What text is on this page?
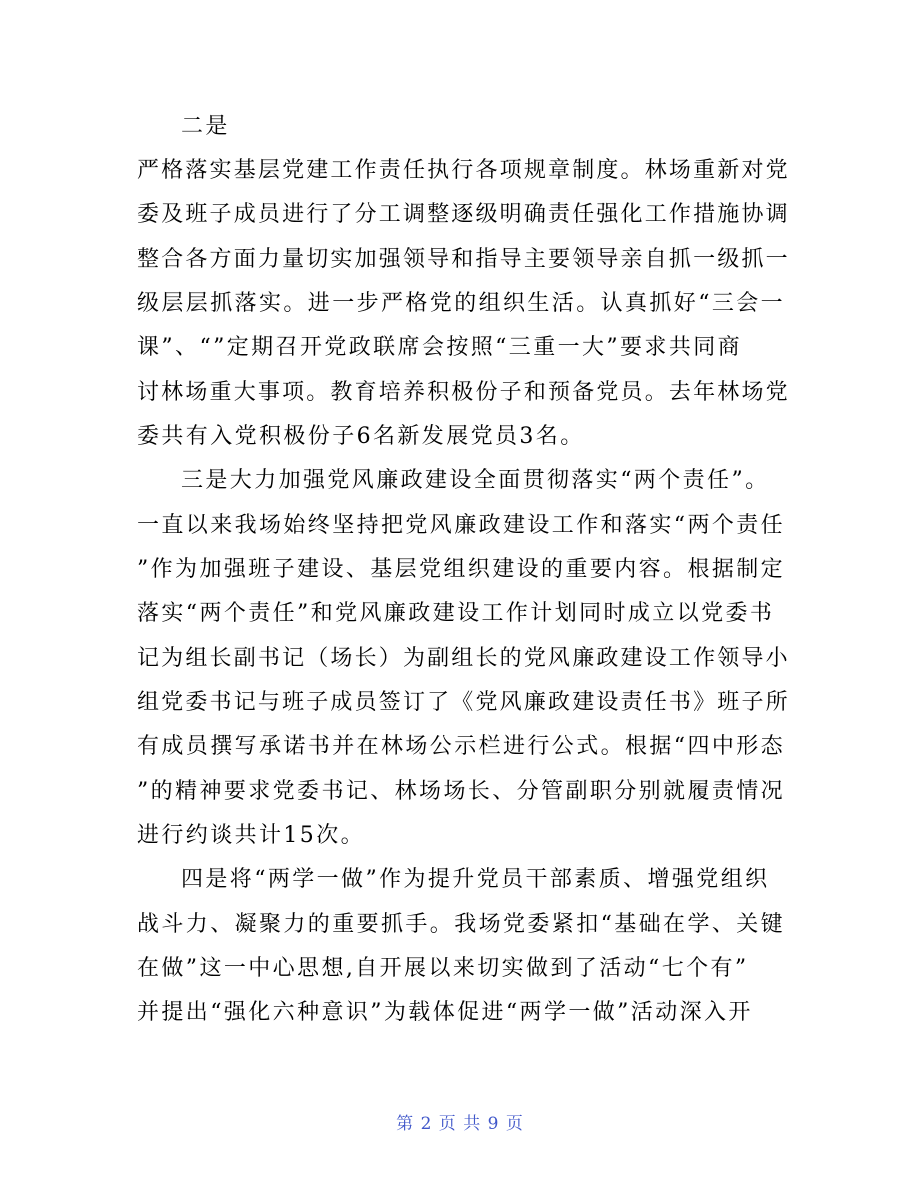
二是
严格落实基层党建工作责任执行各项规章制度。林场重新对党
委及班子成员进行了分工调整逐级明确责任强化工作措施协调
整合各方面力量切实加强领导和指导主要领导亲自抓一级抓一
级层层抓落实。进一步严格党的组织生活。认真抓好“三会一
课”、“”定期召开党政联席会按照“三重一大”要求共同商
讨林场重大事项。教育培养积极份子和预备党员。去年林场党
委共有入党积极份子6名新发展党员3名。
三是大力加强党风廉政建设全面贯彻落实“两个责任”。
一直以来我场始终坚持把党风廉政建设工作和落实“两个责任
”作为加强班子建设、基层党组织建设的重要内容。根据制定
落实“两个责任”和党风廉政建设工作计划同时成立以党委书
记为组长副书记（场长）为副组长的党风廉政建设工作领导小
组党委书记与班子成员签订了《党风廉政建设责任书》班子所
有成员撰写承诺书并在林场公示栏进行公式。根据“四中形态
”的精神要求党委书记、林场场长、分管副职分别就履责情况
进行约谈共计15次。
四是将“两学一做”作为提升党员干部素质、增强党组织
战斗力、凝聚力的重要抓手。我场党委紧扣“基础在学、关键
在做”这一中心思想,自开展以来切实做到了活动“七个有”
并提出“强化六种意识”为载体促进“两学一做”活动深入开
第 2 页 共 9 页
